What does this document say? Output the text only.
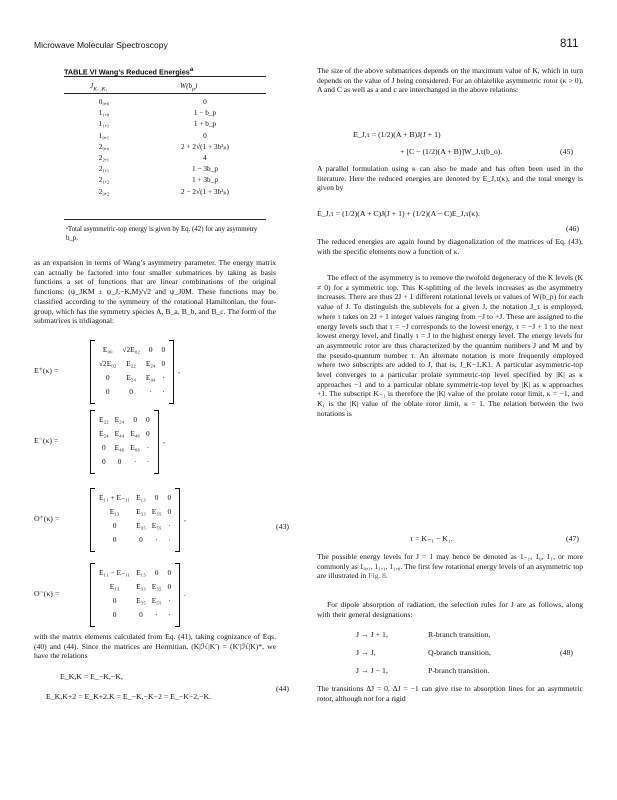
Microwave Molecular Spectroscopy	811
TABLE VI Wang’s Reduced Energies$^a$
$J_{K_{-1}K_1}$	$W(b_p)$
0₀,₀	0
1₁,₀	1 − b_p
1₁,₁	1 + b_p
1₀,₁	0
2₀,₀	2 + 2√(1 + 3b²ₚ)
2₂,₁	4
2₁,₁	1 − 3b_p
2₁,₂	1 + 3b_p
2₀,₂	2 − 2√(1 + 3b²ₚ)
ᵃTotal asymmetric-top energy is given by Eq. (42) for any asymmetry b_p.

as an expansion in terms of Wang’s asymmetry parameter. The energy matrix can actually be factored into four smaller submatrices by taking as basis functions a set of functions that are linear combinations of the original functions: (ψ_JKM ± ψ_J,−K,M)/√2 and ψ_J0M. These functions may be classified according to the symmetry of the rotational Hamiltonian, the four-group, which has the symmetry species A, B_a, B_b, and B_c. The form of the submatrices is tridiagonal:

E⁺(κ) =
E₀₀	√2E₀₂	0	0
√2E₀₂	E₂₂	E₂₄	0
0	E₂₄	E₄₄	·
0	0	·	·
,
E⁻(κ) =
E₂₂	E₂₄	0	0
E₂₄	E₄₄	E₄₆	0
0	E₄₆	E₆₆	·
0	0	·	·
,
O⁺(κ) =
E₁₁ + E₋₁₁	E₁₃	0	0
E₁₃	E₃₃	E₃₅	0
0	E₃₅	E₅₅	·
0	0	·	·
,
O⁻(κ) =
E₁₁ − E₋₁₁	E₁₃	0	0
E₁₃	E₃₃	E₃₅	0
0	E₃₅	E₅₅	·
0	0	·	·
.
(43)

with the matrix elements calculated from Eq. (41), taking cognizance of Eqs. (40) and (44). Since the matrices are Hermitian, (K|ℋ|K′) = (K′|ℋ|K)*, we have the relations

E_K,K = E_−K,−K,
E_K,K+2 = E_K+2,K = E_−K,−K−2 = E_−K−2,−K.
(44)

The size of the above submatrices depends on the maximum value of K, which in turn depends on the value of J being considered. For an oblatelike asymmetric rotor (κ > 0), A and C as well as a and c are interchanged in the above relations:

E_J,τ = (1/2)(A + B)J(J + 1)
+ [C − (1/2)(A + B)]W_J,τ(b_o).	(45)

A parallel formulation using κ can also be made and has often been used in the literature. Here the reduced energies are denoted by E_J,τ(κ), and the total energy is given by

E_J,τ = (1/2)(A + C)J(J + 1) + (1/2)(A − C)E_J,τ(κ).
(46)

The reduced energies are again found by diagonalization of the matrices of Eq. (43), with the specific elements now a function of κ.

The effect of the asymmetry is to remove the twofold degeneracy of the K levels (K ≠ 0) for a symmetric top. This K-splitting of the levels increases as the asymmetry increases. There are thus 2J + 1 different rotational levels or values of W(b_p) for each value of J. To distinguish the sublevels for a given J, the notation J_τ is employed, where τ takes on 2J + 1 integer values ranging from −J to +J. These are assigned to the energy levels such that τ = −J corresponds to the lowest energy, τ = −J + 1 to the next lowest energy level, and finally τ = J to the highest energy level. The energy levels for an asymmetric rotor are thus characterized by the quantum numbers J and M and by the pseudo-quantum number τ. An alternate notation is more frequently employed where two subscripts are added to J, that is, J_K−1,K1. A particular asymmetric-top level converges to a particular prolate symmetric-top level specified by |K| as κ approaches −1 and to a particular oblate symmetric-top level by |K| as κ approaches +1. The subscript K₋₁ is therefore the |K| value of the prolate rotor limit, κ = −1, and K₁ is the |K| value of the oblate rotor limit, κ = 1. The relation between the two notations is

τ = K₋₁ − K₁.	(47)

The possible energy levels for J = 1 may hence be denoted as 1₋₁, 1₀, 1₁, or more commonly as 1₀,₁, 1₁,₁, 1₁,₀. The first few rotational energy levels of an asymmetric top are illustrated in Fig. 8.

For dipole absorption of radiation, the selection rules for J are as follows, along with their general designations:

J → J + 1,	R-branch transition,
J → J,	Q-branch transition,
J → J − 1,	P-branch transition.
(48)

The transitions ΔJ = 0, ΔJ = −1 can give rise to absorption lines for an asymmetric rotor, although not for a rigid
